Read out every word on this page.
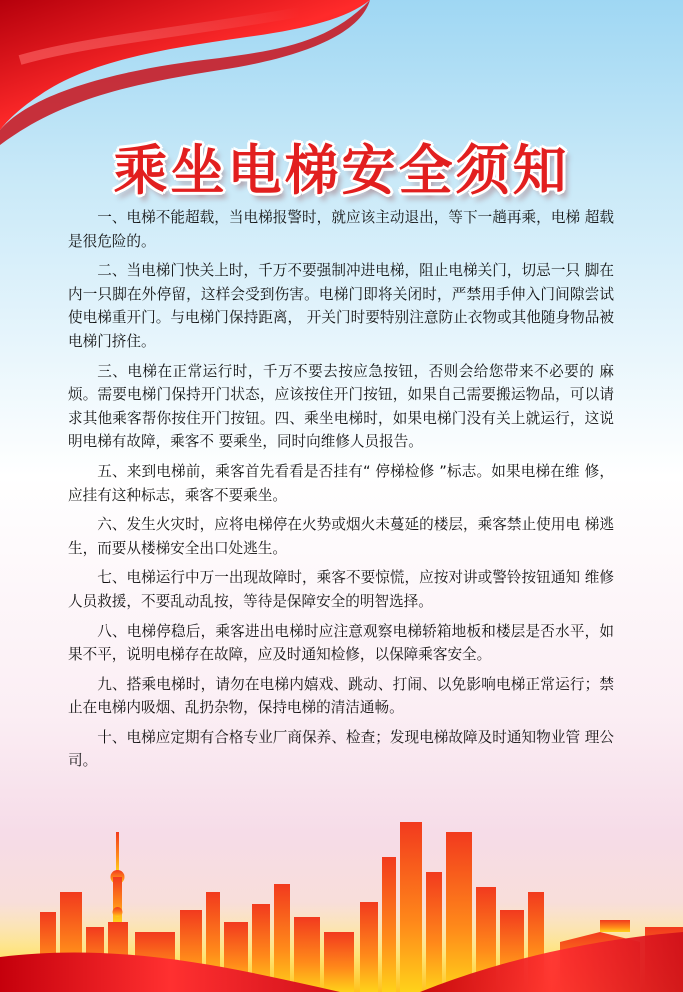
乘坐电梯安全须知

一、电梯不能超载，当电梯报警时，就应该主动退出，等下一趟再乘，电梯 超载是很危险的。

二、当电梯门快关上时，千万不要强制冲进电梯，阻止电梯关门，切忌一只 脚在内一只脚在外停留，这样会受到伤害。电梯门即将关闭时，严禁用手伸入门间隙尝试使电梯重开门。与电梯门保持距离， 开关门时要特别注意防止衣物或其他随身物品被电梯门挤住。

三、电梯在正常运行时，千万不要去按应急按钮，否则会给您带来不必要的 麻烦。需要电梯门保持开门状态，应该按住开门按钮，如果自己需要搬运物品，可以请求其他乘客帮你按住开门按钮。四、乘坐电梯时，如果电梯门没有关上就运行，这说明电梯有故障，乘客不 要乘坐，同时向维修人员报告。

五、来到电梯前，乘客首先看看是否挂有“ 停梯检修 ”标志。如果电梯在维 修，应挂有这种标志，乘客不要乘坐。

六、发生火灾时，应将电梯停在火势或烟火未蔓延的楼层，乘客禁止使用电 梯逃生，而要从楼梯安全出口处逃生。

七、电梯运行中万一出现故障时，乘客不要惊慌，应按对讲或警铃按钮通知 维修人员救援，不要乱动乱按，等待是保障安全的明智选择。

八、电梯停稳后，乘客进出电梯时应注意观察电梯轿箱地板和楼层是否水平，如果不平，说明电梯存在故障，应及时通知检修，以保障乘客安全。

九、搭乘电梯时，请勿在电梯内嬉戏、跳动、打闹、以免影响电梯正常运行；禁止在电梯内吸烟、乱扔杂物，保持电梯的清洁通畅。

十、电梯应定期有合格专业厂商保养、检查；发现电梯故障及时通知物业管 理公司。
